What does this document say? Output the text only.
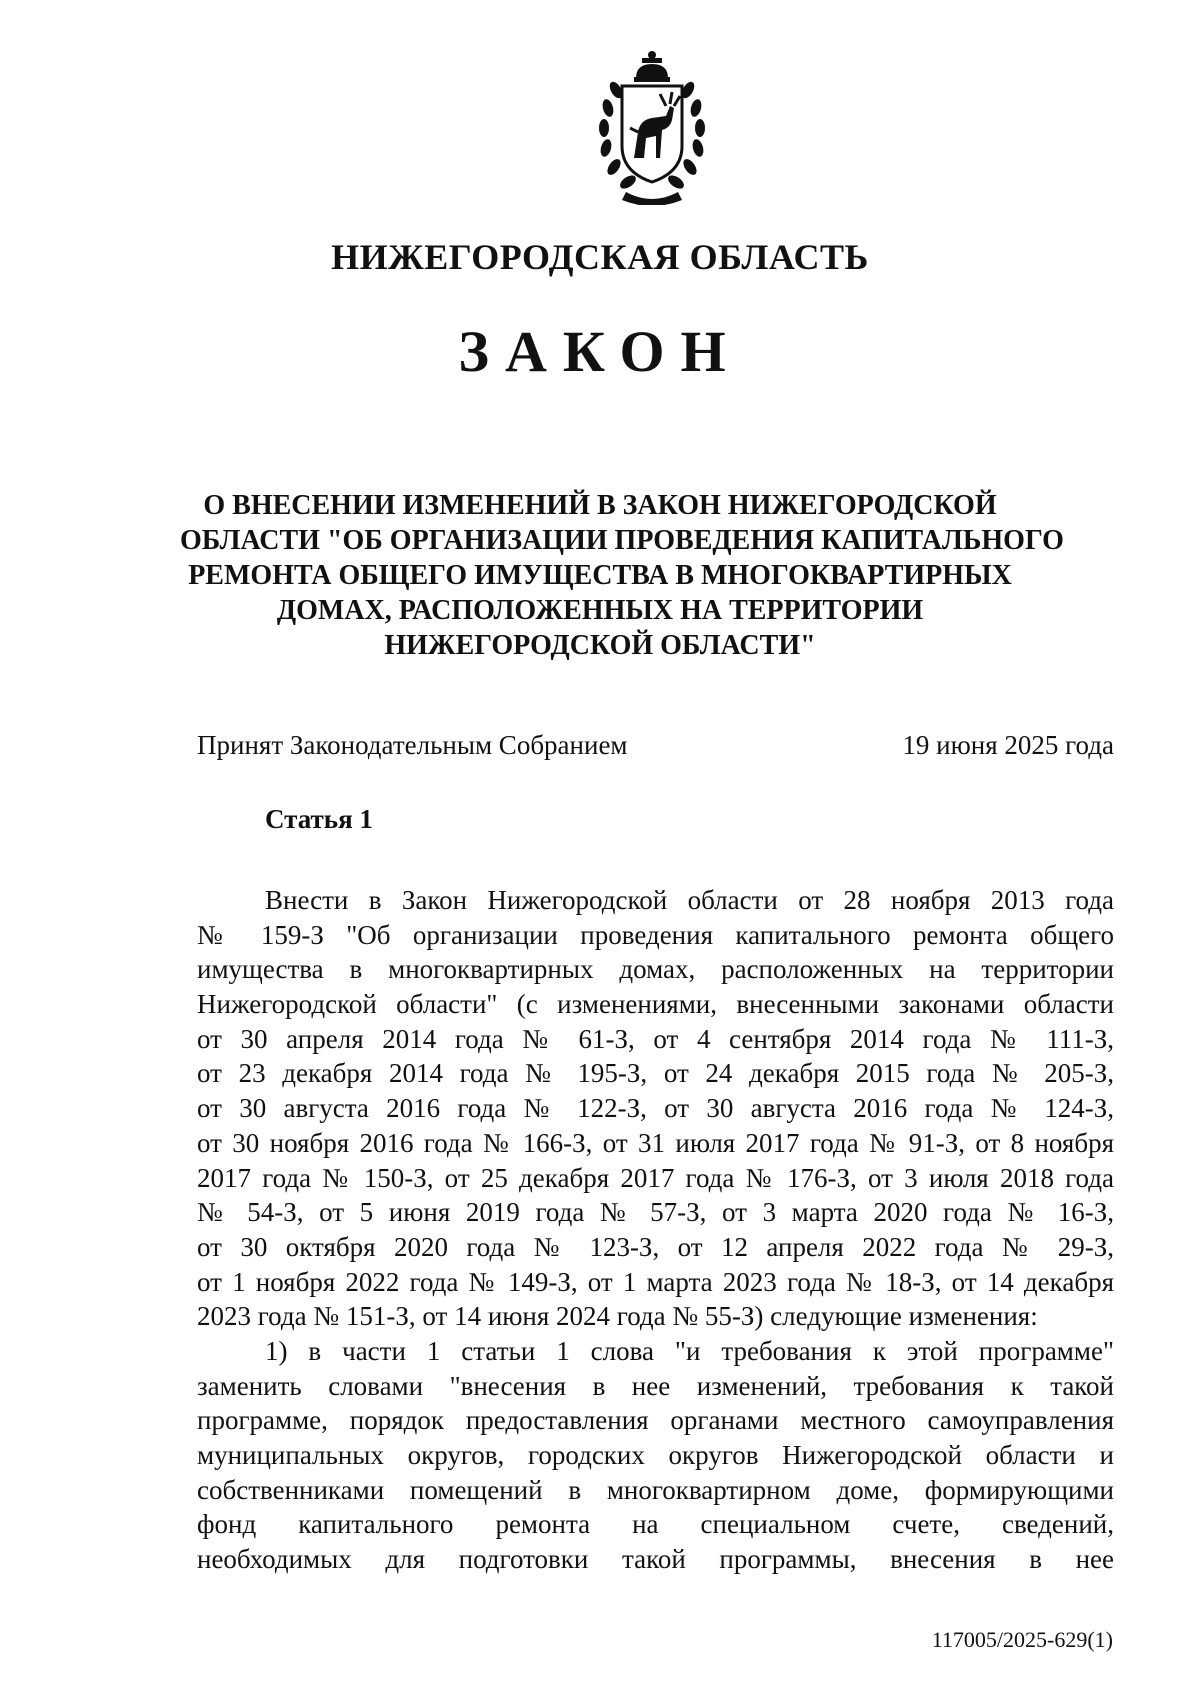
НИЖЕГОРОДСКАЯ ОБЛАСТЬ
ЗАКОН
О ВНЕСЕНИИ ИЗМЕНЕНИЙ В ЗАКОН НИЖЕГОРОДСКОЙ
ОБЛАСТИ "ОБ ОРГАНИЗАЦИИ ПРОВЕДЕНИЯ КАПИТАЛЬНОГО
РЕМОНТА ОБЩЕГО ИМУЩЕСТВА В МНОГОКВАРТИРНЫХ
ДОМАХ, РАСПОЛОЖЕННЫХ НА ТЕРРИТОРИИ
НИЖЕГОРОДСКОЙ ОБЛАСТИ"
Принят Законодательным Собранием	19 июня 2025 года
Статья 1
Внести в Закон Нижегородской области от 28 ноября 2013 года
№ 159-З "Об организации проведения капитального ремонта общего
имущества в многоквартирных домах, расположенных на территории
Нижегородской области" (с изменениями, внесенными законами области
от 30 апреля 2014 года № 61-З, от 4 сентября 2014 года № 111-З,
от 23 декабря 2014 года № 195-З, от 24 декабря 2015 года № 205-З,
от 30 августа 2016 года № 122-З, от 30 августа 2016 года № 124-З,
от 30 ноября 2016 года № 166-З, от 31 июля 2017 года № 91-З, от 8 ноября
2017 года № 150-З, от 25 декабря 2017 года № 176-З, от 3 июля 2018 года
№ 54-З, от 5 июня 2019 года № 57-З, от 3 марта 2020 года № 16-З,
от 30 октября 2020 года № 123-З, от 12 апреля 2022 года № 29-З,
от 1 ноября 2022 года № 149-З, от 1 марта 2023 года № 18-З, от 14 декабря
2023 года № 151-З, от 14 июня 2024 года № 55-З) следующие изменения:
1) в части 1 статьи 1 слова "и требования к этой программе"
заменить словами "внесения в нее изменений, требования к такой
программе, порядок предоставления органами местного самоуправления
муниципальных округов, городских округов Нижегородской области и
собственниками помещений в многоквартирном доме, формирующими
фонд капитального ремонта на специальном счете, сведений,
необходимых для подготовки такой программы, внесения в нее
117005/2025-629(1)
